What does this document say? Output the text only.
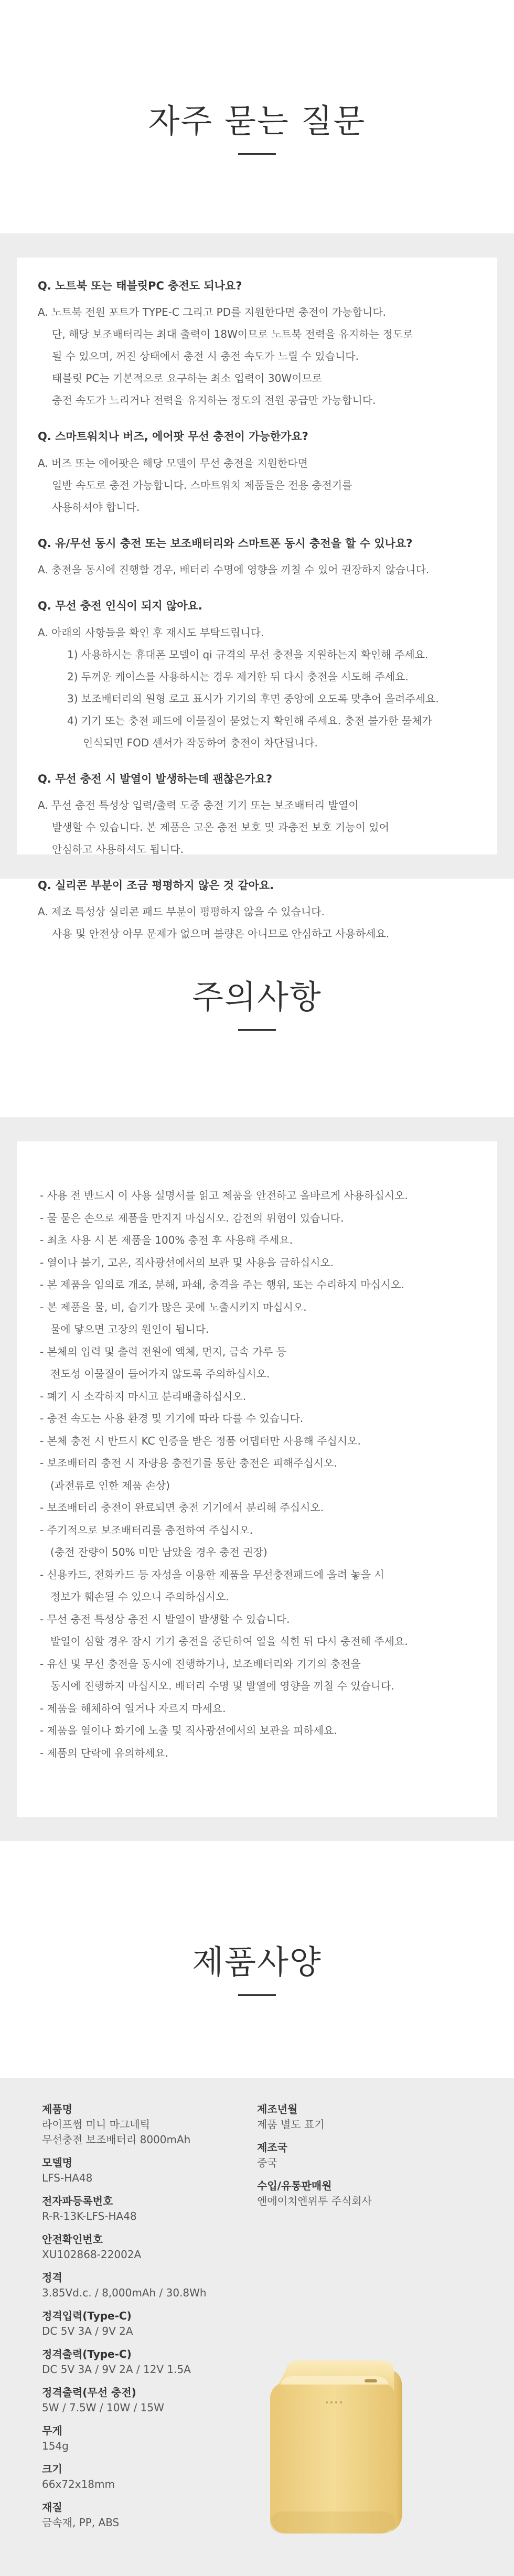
자주 묻는 질문

Q. 노트북 또는 태블릿PC 충전도 되나요?

A. 노트북 전원 포트가 TYPE-C 그리고 PD를 지원한다면 충전이 가능합니다.
단, 해당 보조배터리는 최대 출력이 18W이므로 노트북 전력을 유지하는 정도로
될 수 있으며, 꺼진 상태에서 충전 시 충전 속도가 느릴 수 있습니다.
태블릿 PC는 기본적으로 요구하는 최소 입력이 30W이므로
충전 속도가 느리거나 전력을 유지하는 정도의 전원 공급만 가능합니다.

Q. 스마트워치나 버즈, 에어팟 무선 충전이 가능한가요?

A. 버즈 또는 에어팟은 해당 모델이 무선 충전을 지원한다면
일반 속도로 충전 가능합니다. 스마트워치 제품들은 전용 충전기를
사용하셔야 합니다.

Q. 유/무선 동시 충전 또는 보조배터리와 스마트폰 동시 충전을 할 수 있나요?

A. 충전을 동시에 진행할 경우, 배터리 수명에 영향을 끼칠 수 있어 권장하지 않습니다.

Q. 무선 충전 인식이 되지 않아요.

A. 아래의 사항들을 확인 후 재시도 부탁드립니다.
1) 사용하시는 휴대폰 모델이 qi 규격의 무선 충전을 지원하는지 확인해 주세요.
2) 두꺼운 케이스를 사용하시는 경우 제거한 뒤 다시 충전을 시도해 주세요.
3) 보조배터리의 원형 로고 표시가 기기의 후면 중앙에 오도록 맞추어 올려주세요.
4) 기기 또는 충전 패드에 이물질이 묻었는지 확인해 주세요. 충전 불가한 물체가
인식되면 FOD 센서가 작동하여 충전이 차단됩니다.

Q. 무선 충전 시 발열이 발생하는데 괜찮은가요?

A. 무선 충전 특성상 입력/출력 도중 충전 기기 또는 보조배터리 발열이
발생할 수 있습니다. 본 제품은 고온 충전 보호 및 과충전 보호 기능이 있어
안심하고 사용하셔도 됩니다.

Q. 실리콘 부분이 조금 평평하지 않은 것 같아요.

A. 제조 특성상 실리콘 패드 부분이 평평하지 않을 수 있습니다.
사용 및 안전상 아무 문제가 없으며 불량은 아니므로 안심하고 사용하세요.
주의사항
- 사용 전 반드시 이 사용 설명서를 읽고 제품을 안전하고 올바르게 사용하십시오.
- 물 묻은 손으로 제품을 만지지 마십시오. 감전의 위험이 있습니다.
- 최초 사용 시 본 제품을 100% 충전 후 사용해 주세요.
- 열이나 불기, 고온, 직사광선에서의 보관 및 사용을 금하십시오.
- 본 제품을 임의로 개조, 분해, 파쇄, 충격을 주는 행위, 또는 수리하지 마십시오.
- 본 제품을 물, 비, 습기가 많은 곳에 노출시키지 마십시오.
물에 닿으면 고장의 원인이 됩니다.
- 본체의 입력 및 출력 전원에 액체, 먼지, 금속 가루 등
전도성 이물질이 들어가지 않도록 주의하십시오.
- 폐기 시 소각하지 마시고 분리배출하십시오.
- 충전 속도는 사용 환경 및 기기에 따라 다를 수 있습니다.
- 본체 충전 시 반드시 KC 인증을 받은 정품 어댑터만 사용해 주십시오.
- 보조배터리 충전 시 자량용 충전기를 통한 충전은 피해주십시오.
(과전류로 인한 제품 손상)
- 보조배터리 충전이 완료되면 충전 기기에서 분리해 주십시오.
- 주기적으로 보조배터리를 충전하여 주십시오.
(충전 잔량이 50% 미만 남았을 경우 충전 권장)
- 신용카드, 전화카드 등 자성을 이용한 제품을 무선충전패드에 올려 놓을 시
정보가 훼손될 수 있으니 주의하십시오.
- 무선 충전 특성상 충전 시 발열이 발생할 수 있습니다.
발열이 심할 경우 잠시 기기 충전을 중단하여 열을 식힌 뒤 다시 충전해 주세요.
- 유선 및 무선 충전을 동시에 진행하거나, 보조배터리와 기기의 충전을
동시에 진행하지 마십시오. 배터리 수명 및 발열에 영향을 끼칠 수 있습니다.
- 제품을 해체하여 열거나 자르지 마세요.
- 제품을 열이나 화기에 노출 및 직사광선에서의 보관을 피하세요.
- 제품의 단락에 유의하세요.
제품사양
제품명
라이프썸 미니 마그네틱
무선충전 보조배터리 8000mAh
모델명
LFS-HA48
전자파등록번호
R-R-13K-LFS-HA48
안전확인번호
XU102868-22002A
정격
3.85Vd.c. / 8,000mAh / 30.8Wh
정격입력(Type-C)
DC 5V 3A / 9V 2A
정격출력(Type-C)
DC 5V 3A / 9V 2A / 12V 1.5A
정격출력(무선 충전)
5W / 7.5W / 10W / 15W
무게
154g
크기
66x72x18mm
재질
금속재, PP, ABS
제조년월
제품 별도 표기
제조국
중국
수입/유통판매원
엔에이치엔위투 주식회사
